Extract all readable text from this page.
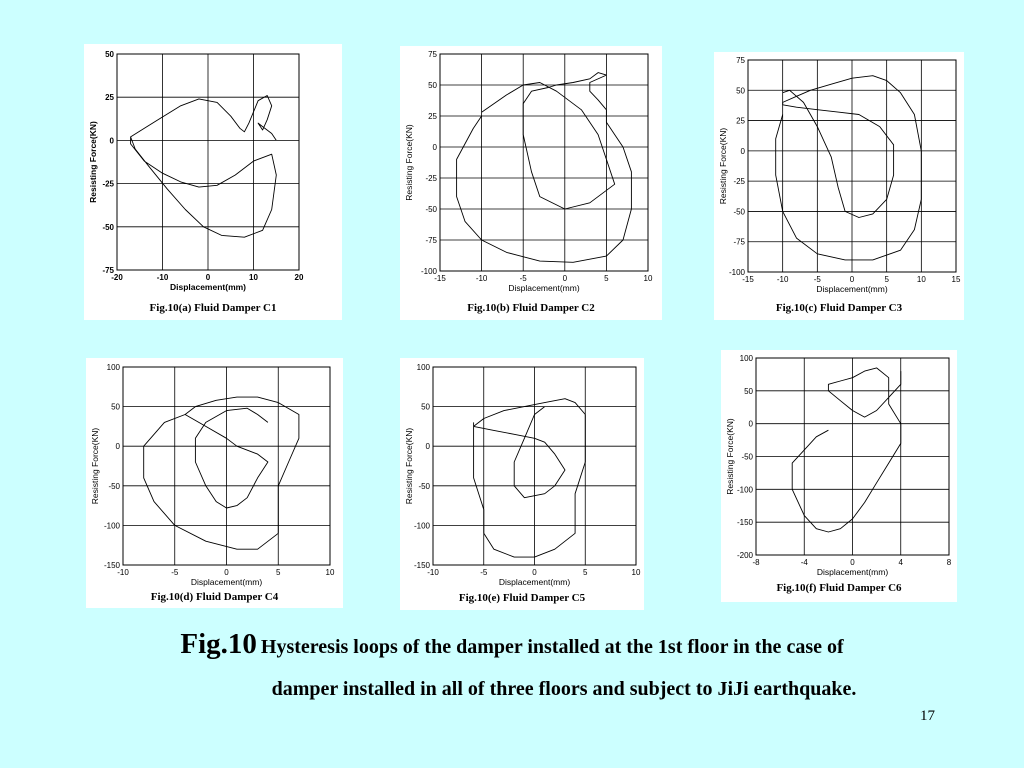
-20	-10	0	10	20
-75
-50
-25
0
25
50
Displacement(mm)
Resisting Force(KN)
Fig.10(a) Fluid Damper C1
-15	-10	-5	0	5	10
-100
-75
-50
-25
0
25
50
75
Displacement(mm)
Resisting Force(KN)
Fig.10(b) Fluid Damper C2
-15	-10	-5	0	5	10	15
-100
-75
-50
-25
0
25
50
75
Displacement(mm)
Resisting Force(KN)
Fig.10(c) Fluid Damper C3
-10	-5	0	5	10
-150
-100
-50
0
50
100
Displacement(mm)
Resisting Force(KN)
Fig.10(d) Fluid Damper C4
-10	-5	0	5	10
-150
-100
-50
0
50
100
Displacement(mm)
Resisting Force(KN)
Fig.10(e) Fluid Damper C5
-8	-4	0	4	8
-200
-150
-100
-50
0
50
100
Displacement(mm)
Resisting Force(KN)
Fig.10(f) Fluid Damper C6
Fig.10 Hysteresis loops of the damper installed at the 1st floor in the case of
damper installed in all of three floors and subject to JiJi earthquake.
17
